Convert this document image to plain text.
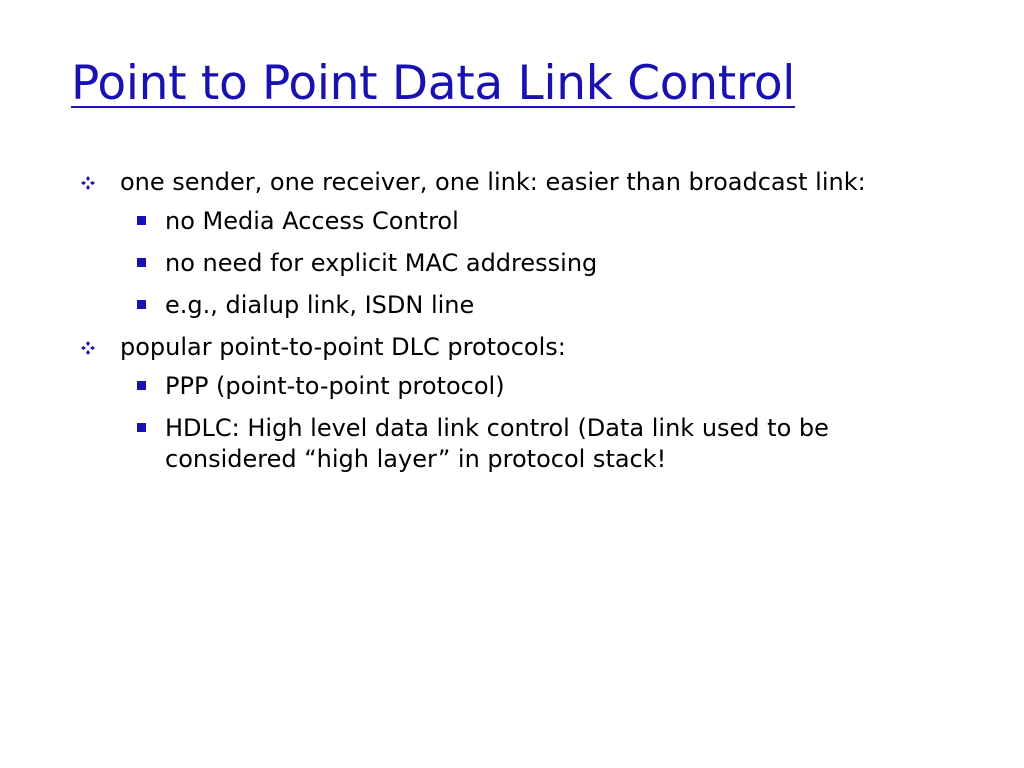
Point to Point Data Link Control
one sender, one receiver, one link: easier than broadcast link:
no Media Access Control
no need for explicit MAC addressing
e.g., dialup link, ISDN line
popular point-to-point DLC protocols:
PPP (point-to-point protocol)
HDLC: High level data link control (Data link used to be considered “high layer” in protocol stack!
